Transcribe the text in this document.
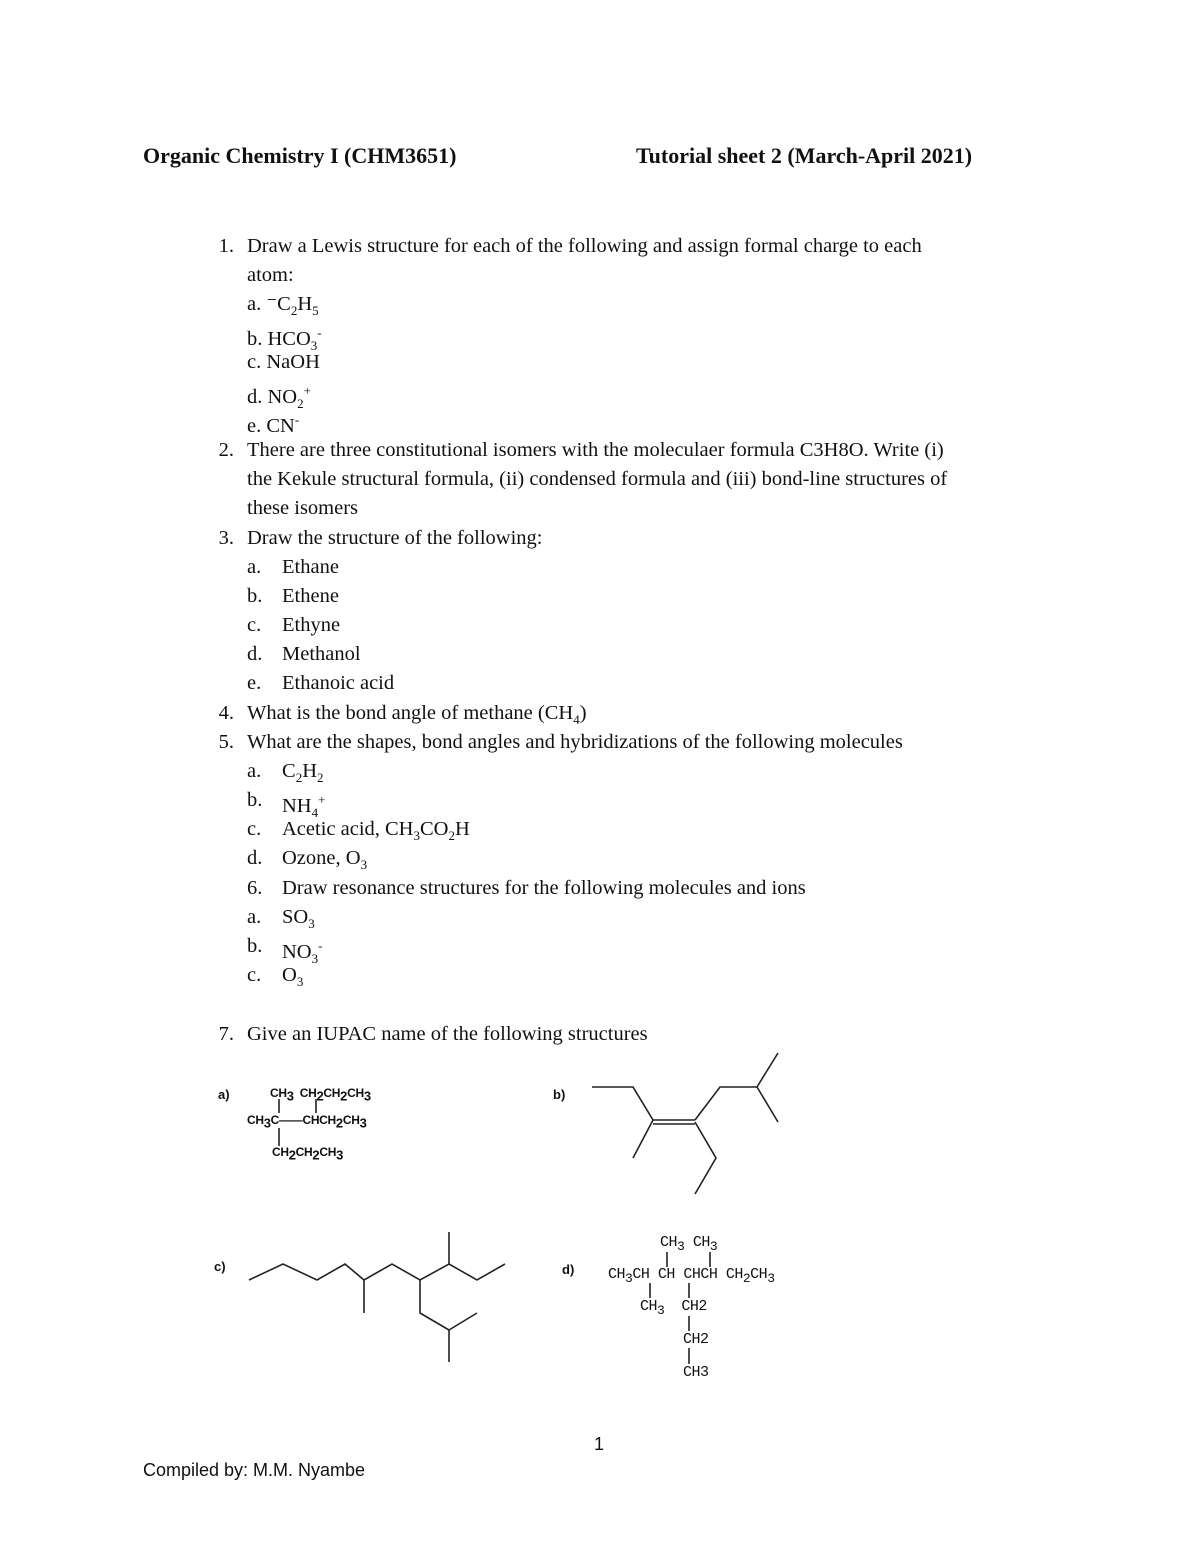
Organic Chemistry I (CHM3651)	Tutorial sheet 2 (March-April 2021)
1. Draw a Lewis structure for each of the following and assign formal charge to each
atom:
a. $^-C_2H_5$
b. $HCO_3^-$
c. NaOH
d. $NO_2^+$
e. CN-
2. There are three constitutional isomers with the moleculaer formula C3H8O. Write (i)
the Kekule structural formula, (ii) condensed formula and (iii) bond-line structures of
these isomers
3. Draw the structure of the following:
a. Ethane
b. Ethene
c. Ethyne
d. Methanol
e. Ethanoic acid
4. What is the bond angle of methane $(CH_4)$
5. What are the shapes, bond angles and hybridizations of the following molecules
a. $C_2H_2$
b. $NH_4^+$
c. Acetic acid, $CH_3CO_2H$
d. Ozone, $O_3$
6. Draw resonance structures for the following molecules and ions
a. $SO_3$
b. $NO_3^-$
c. $O_3$
7. Give an IUPAC name of the following structures
a)	$CH_3$ $CH_2CH_2CH_3$
$CH_3C——CHCH_2CH_3$
$CH_2CH_2CH_3$
b)
c)	d)
$CH_3$ $CH_3$
$CH_3CH$ CH CHCH $CH_2CH_3$
$CH_3$ CH2
CH2
CH3
1
Compiled by: M.M. Nyambe
